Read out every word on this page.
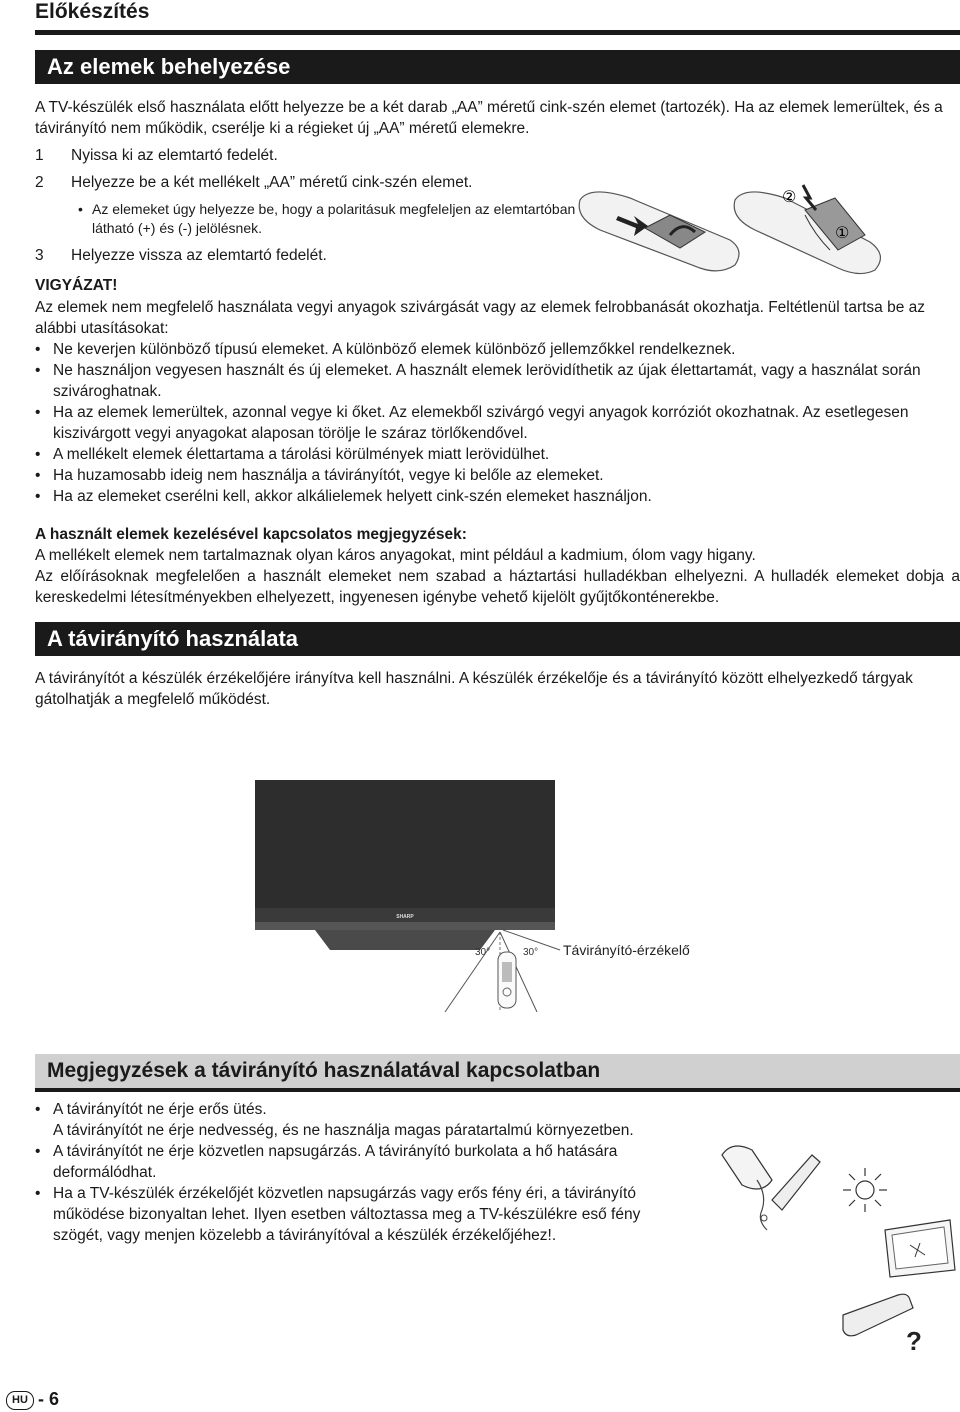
Előkészítés
Az elemek behelyezése
A TV-készülék első használata előtt helyezze be a két darab „AA” méretű cink-szén elemet (tartozék). Ha az elemek lemerültek, és a távirányító nem működik, cserélje ki a régieket új „AA” méretű elemekre.
1 Nyissa ki az elemtartó fedelét.
2 Helyezze be a két mellékelt „AA” méretű cink-szén elemet.
• Az elemeket úgy helyezze be, hogy a polaritásuk megfeleljen az elemtartóban látható (+) és (-) jelölésnek.
3 Helyezze vissza az elemtartó fedelét.
②
①
VIGYÁZAT!
Az elemek nem megfelelő használata vegyi anyagok szivárgását vagy az elemek felrobbanását okozhatja. Feltétlenül tartsa be az alábbi utasításokat:
• Ne keverjen különböző típusú elemeket. A különböző elemek különböző jellemzőkkel rendelkeznek.
• Ne használjon vegyesen használt és új elemeket. A használt elemek lerövidíthetik az újak élettartamát, vagy a használat során szivároghatnak.
• Ha az elemek lemerültek, azonnal vegye ki őket. Az elemekből szivárgó vegyi anyagok korróziót okozhatnak. Az esetlegesen kiszivárgott vegyi anyagokat alaposan törölje le száraz törlőkendővel.
• A mellékelt elemek élettartama a tárolási körülmények miatt lerövidülhet.
• Ha huzamosabb ideig nem használja a távirányítót, vegye ki belőle az elemeket.
• Ha az elemeket cserélni kell, akkor alkálielemek helyett cink-szén elemeket használjon.
A használt elemek kezelésével kapcsolatos megjegyzések:
A mellékelt elemek nem tartalmaznak olyan káros anyagokat, mint például a kadmium, ólom vagy higany.
Az előírásoknak megfelelően a használt elemeket nem szabad a háztartási hulladékban elhelyezni. A hulladék elemeket dobja a kereskedelmi létesítményekben elhelyezett, ingyenesen igénybe vehető kijelölt gyűjtőkonténerekbe.
A távirányító használata
A távirányítót a készülék érzékelőjére irányítva kell használni. A készülék érzékelője és a távirányító között elhelyezkedő tárgyak gátolhatják a megfelelő működést.
SHARP
30°	30° Távirányító-érzékelő
Megjegyzések a távirányító használatával kapcsolatban
• A távirányítót ne érje erős ütés.
A távirányítót ne érje nedvesség, és ne használja magas páratartalmú környezetben.
• A távirányítót ne érje közvetlen napsugárzás. A távirányító burkolata a hő hatására deformálódhat.
• Ha a TV-készülék érzékelőjét közvetlen napsugárzás vagy erős fény éri, a távirányító működése bizonyaltan lehet. Ilyen esetben változtassa meg a TV-készülékre eső fény szögét, vagy menjen közelebb a távirányítóval a készülék érzékelőjéhez!.
?
HU - 6
